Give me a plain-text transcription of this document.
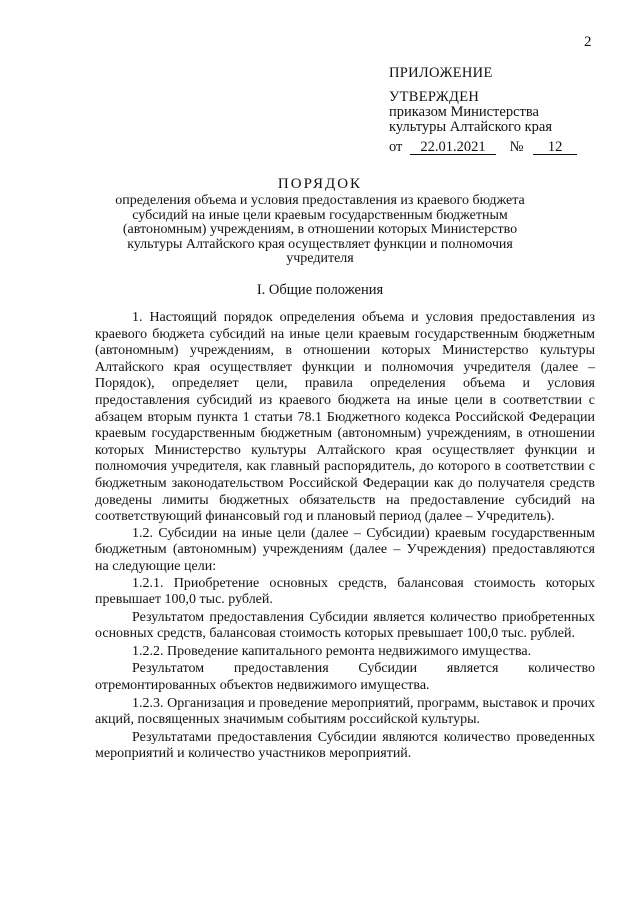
2
ПРИЛОЖЕНИЕ
УТВЕРЖДЕН
приказом Министерства
культуры Алтайского края
от 22.01.2021 № 12
ПОРЯДОК
определения объема и условия предоставления из краевого бюджета субсидий на иные цели краевым государственным бюджетным (автономным) учреждениям, в отношении которых Министерство культуры Алтайского края осуществляет функции и полномочия учредителя
I. Общие положения

1. Настоящий порядок определения объема и условия предоставления из краевого бюджета субсидий на иные цели краевым государственным бюджетным (автономным) учреждениям, в отношении которых Министерство культуры Алтайского края осуществляет функции и полномочия учредителя (далее – Порядок), определяет цели, правила определения объема и условия предоставления субсидий из краевого бюджета на иные цели в соответствии с абзацем вторым пункта 1 статьи 78.1 Бюджетного кодекса Российской Федерации краевым государственным бюджетным (автономным) учреждениям, в отношении которых Министерство культуры Алтайского края осуществляет функции и полномочия учредителя, как главный распорядитель, до которого в соответствии с бюджетным законодательством Российской Федерации как до получателя средств доведены лимиты бюджетных обязательств на предоставление субсидий на соответствующий финансовый год и плановый период (далее – Учредитель).

1.2. Субсидии на иные цели (далее – Субсидии) краевым государственным бюджетным (автономным) учреждениям (далее – Учреждения) предоставляются на следующие цели:

1.2.1. Приобретение основных средств, балансовая стоимость которых превышает 100,0 тыс. рублей.

Результатом предоставления Субсидии является количество приобретенных основных средств, балансовая стоимость которых превышает 100,0 тыс. рублей.

1.2.2. Проведение капитального ремонта недвижимого имущества.

Результатом предоставления Субсидии является количество отремонтированных объектов недвижимого имущества.

1.2.3. Организация и проведение мероприятий, программ, выставок и прочих акций, посвященных значимым событиям российской культуры.

Результатами предоставления Субсидии являются количество проведенных мероприятий и количество участников мероприятий.
